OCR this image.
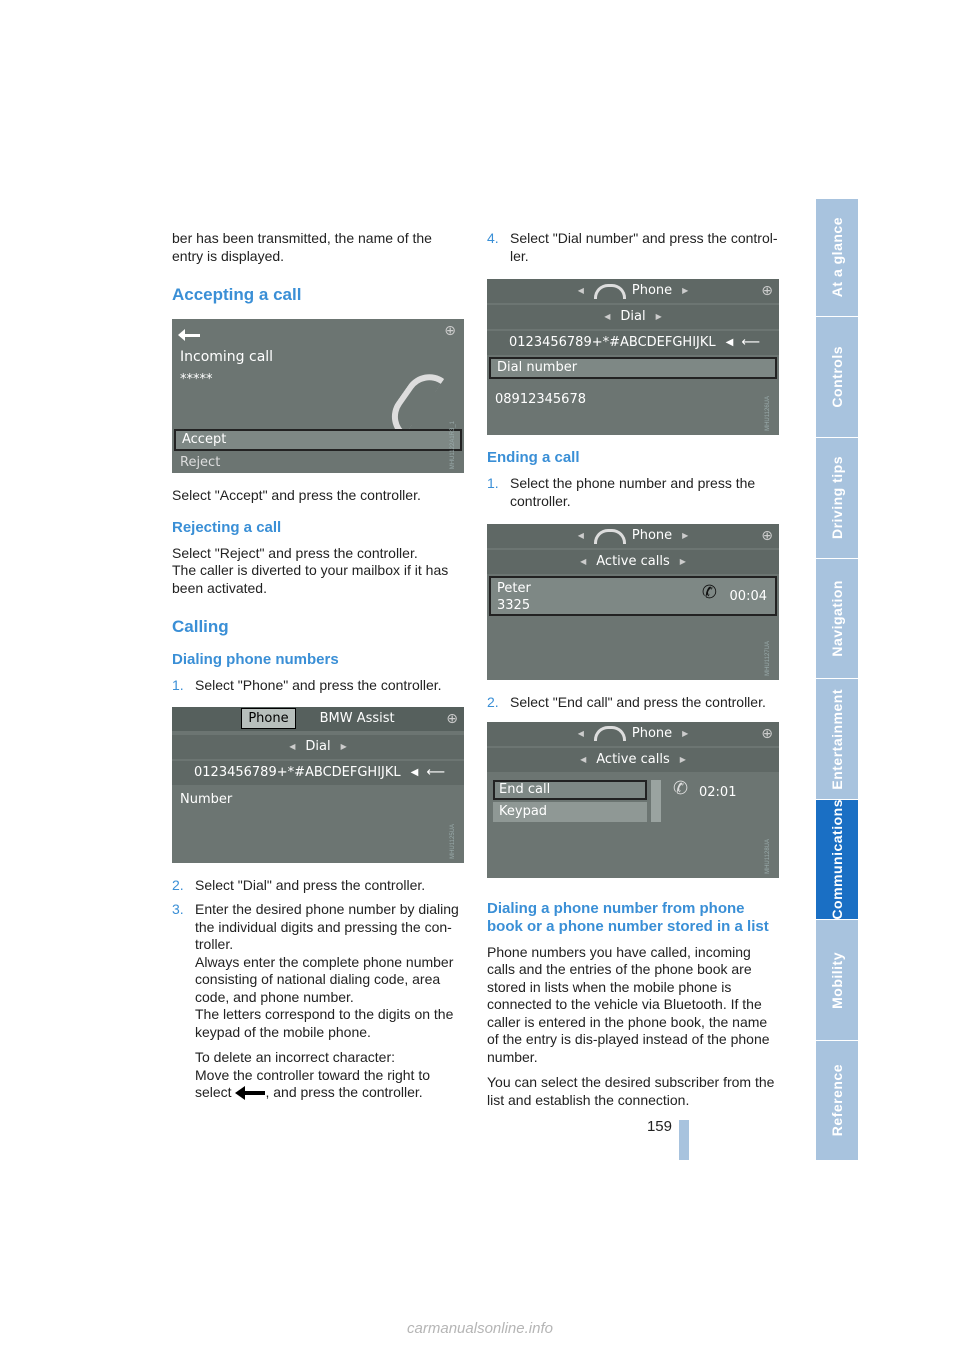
ber has been transmitted, the name of the entry is displayed.

Accepting a call
⊕
Incoming call
*****
Accept
Reject	MHU1122A1R3_1

Select "Accept" and press the controller.

Rejecting a call

Select "Reject" and press the controller.

The caller is diverted to your mailbox if it has been activated.

Calling
Dialing phone numbers
1. Select "Phone" and press the controller.
Phone	BMW Assist	⊕
◀ Dial ▶
0123456789+*#ABCDEFGHIJKL ◀ ⟵
Number
MHU1125UA
2. Select "Dial" and press the controller.
3. Enter the desired phone number by dialing the individual digits and pressing the con-troller.
Always enter the complete phone number consisting of national dialing code, area code, and phone number.
The letters correspond to the digits on the keypad of the mobile phone.

To delete an incorrect character:
Move the controller toward the right to select , and press the controller.
4. Select "Dial number" and press the control-ler.
◀	Phone ▶	⊕
◀ Dial ▶
0123456789+*#ABCDEFGHIJKL ◀ ⟵
Dial number
08912345678	MHU1126UA
Ending a call
1. Select the phone number and press the controller.
◀	Phone ▶	⊕
◀ Active calls ▶
Peter
3325
00:04
✆
MHU1127UA
2. Select "End call" and press the controller.
◀	Phone ▶	⊕
◀ Active calls ▶
End call
Keypad
✆ 02:01
MHU1128UA
Dialing a phone number from phone book or a phone number stored in a list

Phone numbers you have called, incoming calls and the entries of the phone book are stored in lists when the mobile phone is connected to the vehicle via Bluetooth. If the caller is entered in the phone book, the name of the entry is dis-played instead of the phone number.

You can select the desired subscriber from the list and establish the connection.

At a glance
Controls
Driving tips
Navigation
Entertainment
Communications
Mobility
Reference
159
carmanualsonline.info
